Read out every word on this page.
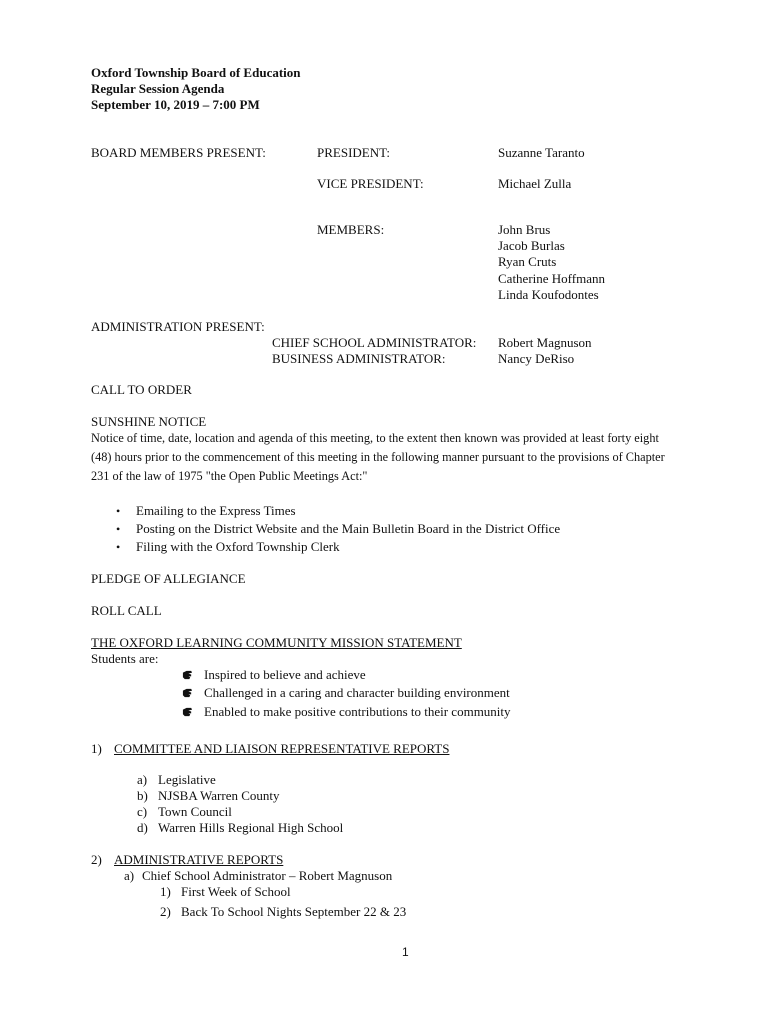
Oxford Township Board of Education
Regular Session Agenda
September 10, 2019 – 7:00 PM
BOARD MEMBERS PRESENT:	PRESIDENT:	Suzanne Taranto
VICE PRESIDENT:	Michael Zulla
MEMBERS:	John Brus
Jacob Burlas
Ryan Cruts
Catherine Hoffmann
Linda Koufodontes
ADMINISTRATION PRESENT:
CHIEF SCHOOL ADMINISTRATOR: Robert Magnuson
BUSINESS ADMINISTRATOR:	Nancy DeRiso
CALL TO ORDER
SUNSHINE NOTICE
Notice of time, date, location and agenda of this meeting, to the extent then known was provided at least forty eight
(48) hours prior to the commencement of this meeting in the following manner pursuant to the provisions of Chapter
231 of the law of 1975 "the Open Public Meetings Act:"
• Emailing to the Express Times
• Posting on the District Website and the Main Bulletin Board in the District Office
• Filing with the Oxford Township Clerk
PLEDGE OF ALLEGIANCE
ROLL CALL
THE OXFORD LEARNING COMMUNITY MISSION STATEMENT
Students are:
Inspired to believe and achieve
Challenged in a caring and character building environment
Enabled to make positive contributions to their community
1) COMMITTEE AND LIAISON REPRESENTATIVE REPORTS
a) Legislative
b) NJSBA Warren County
c) Town Council
d) Warren Hills Regional High School
2) ADMINISTRATIVE REPORTS
a) Chief School Administrator – Robert Magnuson
1) First Week of School
2) Back To School Nights September 22 & 23
1
